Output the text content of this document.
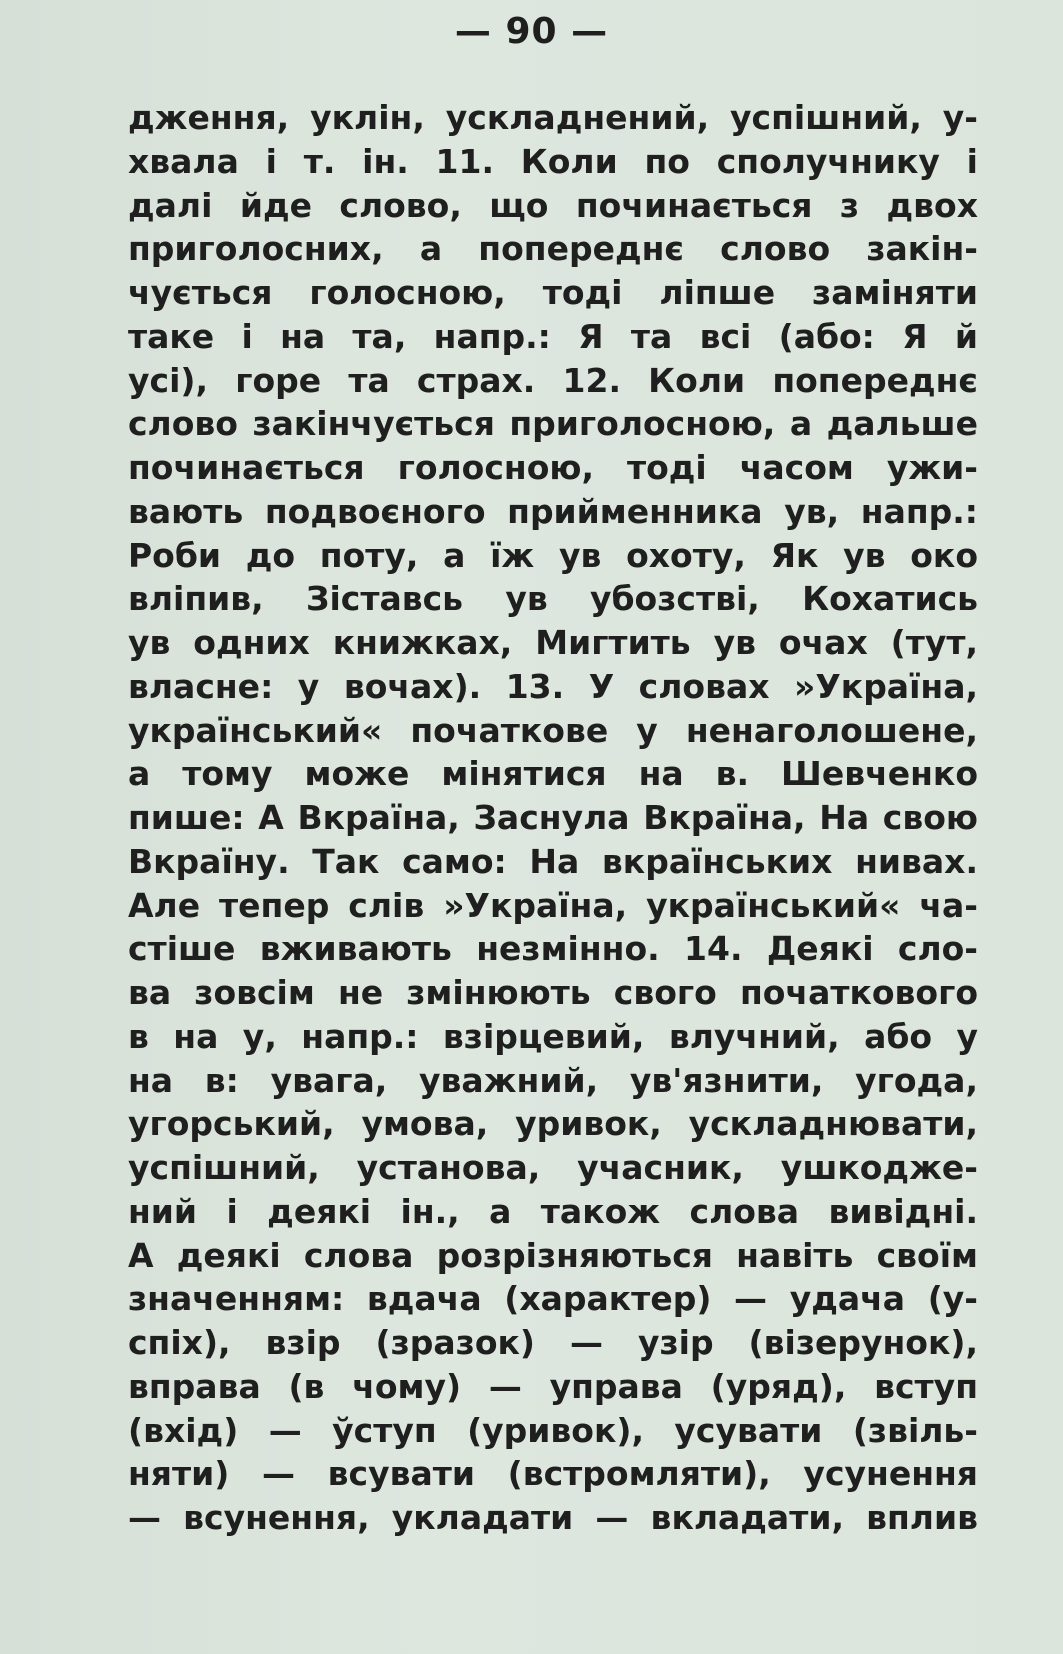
— 90 —
дження, уклін, ускладнений, успішний, у-
хвала і т. ін. 11. Коли по сполучнику і
далі йде слово, що починається з двох
приголосних, а попереднє слово закін-
чується голосною, тоді ліпше заміняти
таке і на та, напр.: Я та всі (або: Я й
усі), горе та страх. 12. Коли попереднє
слово закінчується приголосною, а дальше
починається голосною, тоді часом ужи-
вають подвоєного прийменника ув, напр.:
Роби до поту, а їж ув охоту, Як ув око
вліпив, Зіставсь ув убозстві, Кохатись
ув одних книжках, Мигтить ув очах (тут,
власне: у вочах). 13. У словах »Україна,
український« початкове у ненаголошене,
а тому може мінятися на в. Шевченко
пише: А Вкраїна, Заснула Вкраїна, На свою
Вкраїну. Так само: На вкраїнських нивах.
Але тепер слів »Україна, український« ча-
стіше вживають незмінно. 14. Деякі сло-
ва зовсім не змінюють свого початкового
в на у, напр.: взірцевий, влучний, або у
на в: увага, уважний, ув'язнити, угода,
угорський, умова, уривок, ускладнювати,
успішний, установа, учасник, ушкодже-
ний і деякі ін., а також слова вивідні.
А деякі слова розрізняються навіть своїм
значенням: вдача (характер) — удача (у-
спіх), взір (зразок) — узір (візерунок),
вправа (в чому) — управа (уряд), вступ
(вхід) — ўступ (уривок), усувати (звіль-
няти) — всувати (встромляти), усунення
— всунення, укладати — вкладати, вплив
